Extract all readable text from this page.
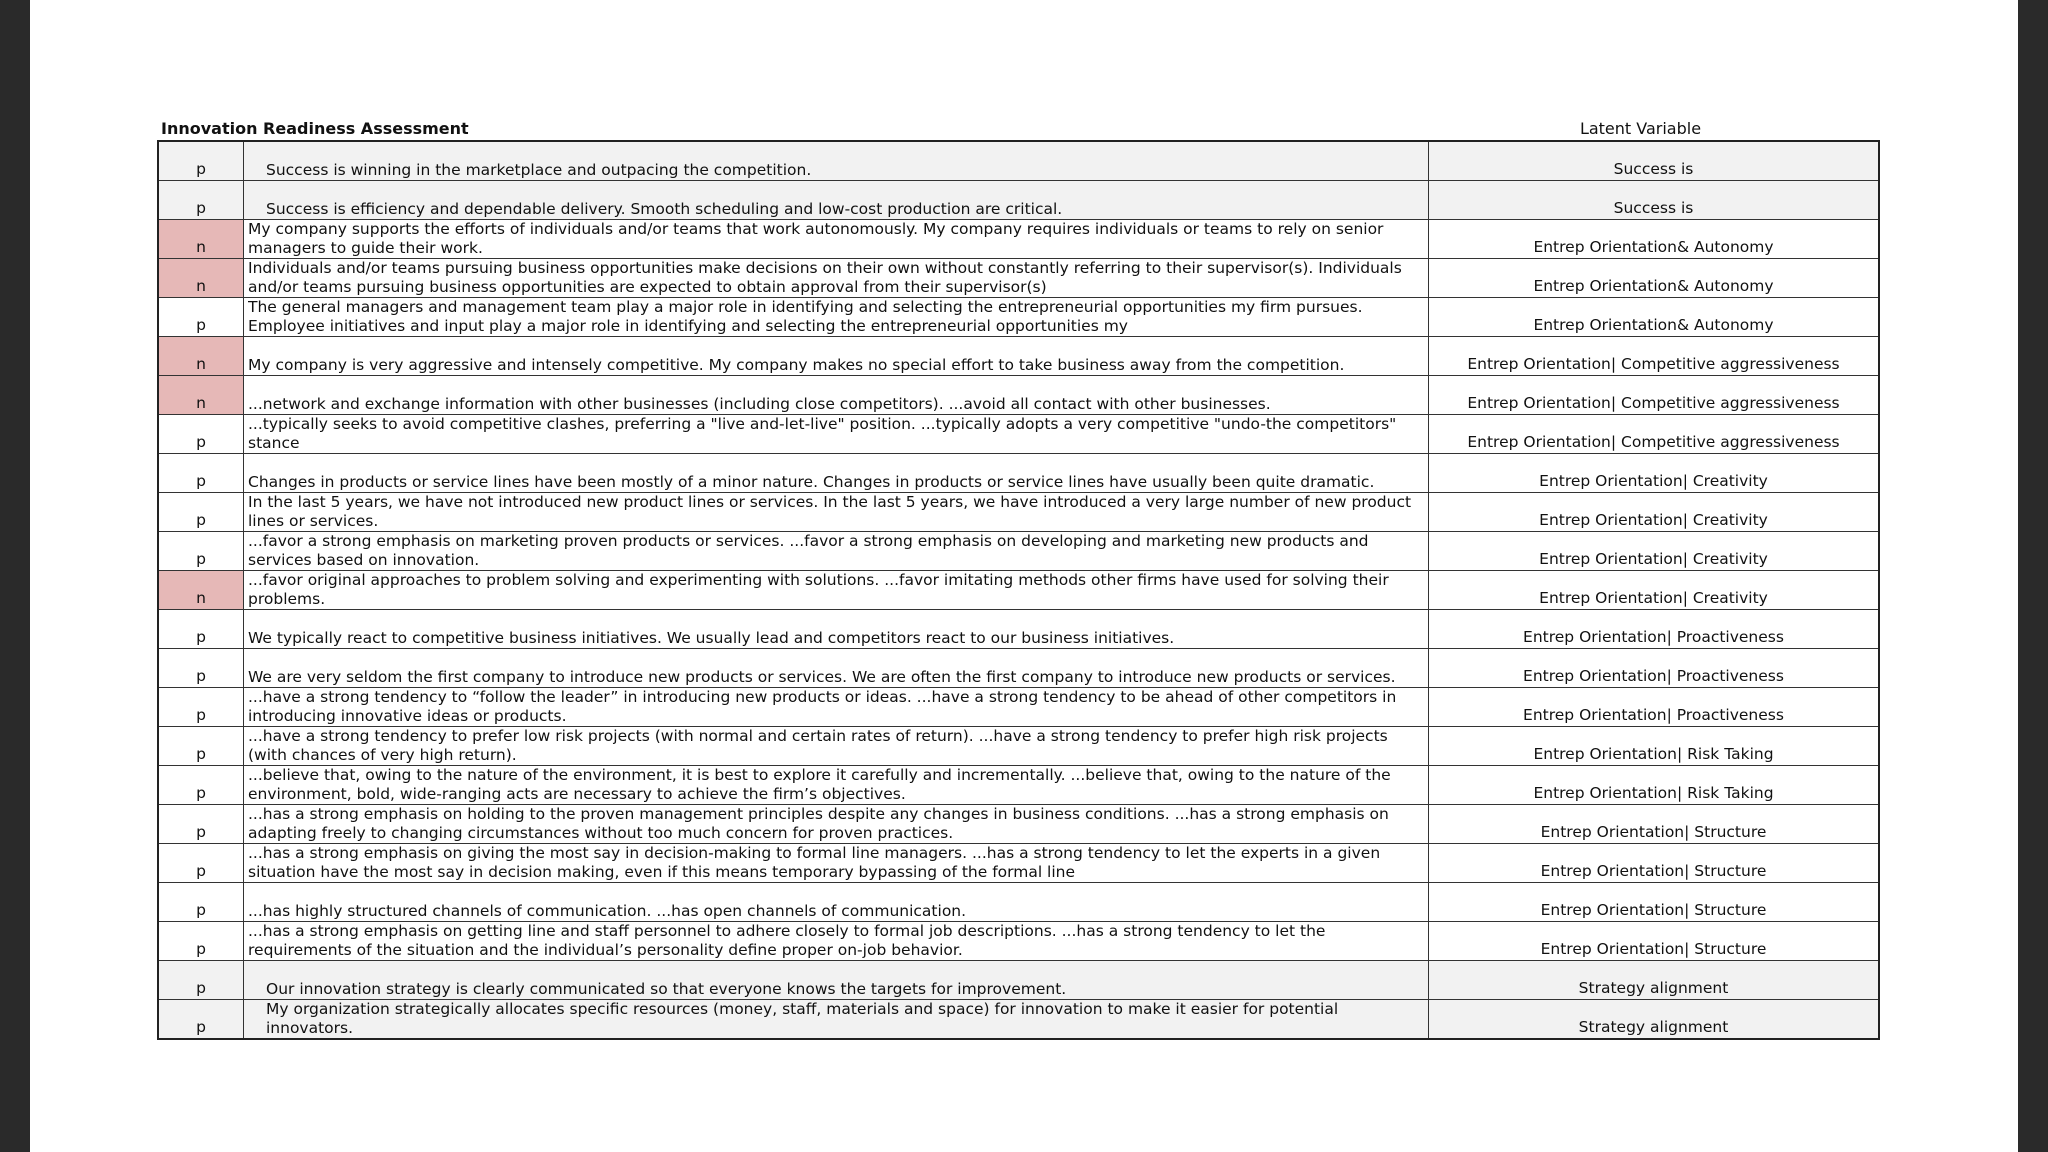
Innovation Readiness Assessment	Latent Variable
p	Success is winning in the marketplace and outpacing the competition.	Success is
p	Success is efficiency and dependable delivery. Smooth scheduling and low-cost production are critical.	Success is
n	My company supports the efforts of individuals and/or teams that work autonomously. My company requires individuals or teams to rely on senior managers to guide their work.	Entrep Orientation& Autonomy
n	Individuals and/or teams pursuing business opportunities make decisions on their own without constantly referring to their supervisor(s). Individuals and/or teams pursuing business opportunities are expected to obtain approval from their supervisor(s)	Entrep Orientation& Autonomy
p	The general managers and management team play a major role in identifying and selecting the entrepreneurial opportunities my firm pursues. Employee initiatives and input play a major role in identifying and selecting the entrepreneurial opportunities my	Entrep Orientation& Autonomy
n	My company is very aggressive and intensely competitive. My company makes no special effort to take business away from the competition.	Entrep Orientation| Competitive aggressiveness
n	...network and exchange information with other businesses (including close competitors). ...avoid all contact with other businesses.	Entrep Orientation| Competitive aggressiveness
p	...typically seeks to avoid competitive clashes, preferring a "live and-let-live" position. ...typically adopts a very competitive "undo-the competitors" stance	Entrep Orientation| Competitive aggressiveness
p	Changes in products or service lines have been mostly of a minor nature. Changes in products or service lines have usually been quite dramatic.	Entrep Orientation| Creativity
p	In the last 5 years, we have not introduced new product lines or services. In the last 5 years, we have introduced a very large number of new product lines or services.	Entrep Orientation| Creativity
p	...favor a strong emphasis on marketing proven products or services. ...favor a strong emphasis on developing and marketing new products and services based on innovation.	Entrep Orientation| Creativity
n	...favor original approaches to problem solving and experimenting with solutions. ...favor imitating methods other firms have used for solving their problems.	Entrep Orientation| Creativity
p	We typically react to competitive business initiatives. We usually lead and competitors react to our business initiatives.	Entrep Orientation| Proactiveness
p	We are very seldom the first company to introduce new products or services. We are often the first company to introduce new products or services.	Entrep Orientation| Proactiveness
p	...have a strong tendency to “follow the leader” in introducing new products or ideas. ...have a strong tendency to be ahead of other competitors in introducing innovative ideas or products.	Entrep Orientation| Proactiveness
p	...have a strong tendency to prefer low risk projects (with normal and certain rates of return). ...have a strong tendency to prefer high risk projects (with chances of very high return).	Entrep Orientation| Risk Taking
p	...believe that, owing to the nature of the environment, it is best to explore it carefully and incrementally. ...believe that, owing to the nature of the environment, bold, wide-ranging acts are necessary to achieve the firm’s objectives.	Entrep Orientation| Risk Taking
p	...has a strong emphasis on holding to the proven management principles despite any changes in business conditions. ...has a strong emphasis on adapting freely to changing circumstances without too much concern for proven practices.	Entrep Orientation| Structure
p	...has a strong emphasis on giving the most say in decision-making to formal line managers. ...has a strong tendency to let the experts in a given situation have the most say in decision making, even if this means temporary bypassing of the formal line	Entrep Orientation| Structure
p	...has highly structured channels of communication. ...has open channels of communication.	Entrep Orientation| Structure
p	...has a strong emphasis on getting line and staff personnel to adhere closely to formal job descriptions. ...has a strong tendency to let the requirements of the situation and the individual’s personality define proper on-job behavior.	Entrep Orientation| Structure
p	Our innovation strategy is clearly communicated so that everyone knows the targets for improvement.	Strategy alignment
p	My organization strategically allocates specific resources (money, staff, materials and space) for innovation to make it easier for potential innovators.	Strategy alignment
